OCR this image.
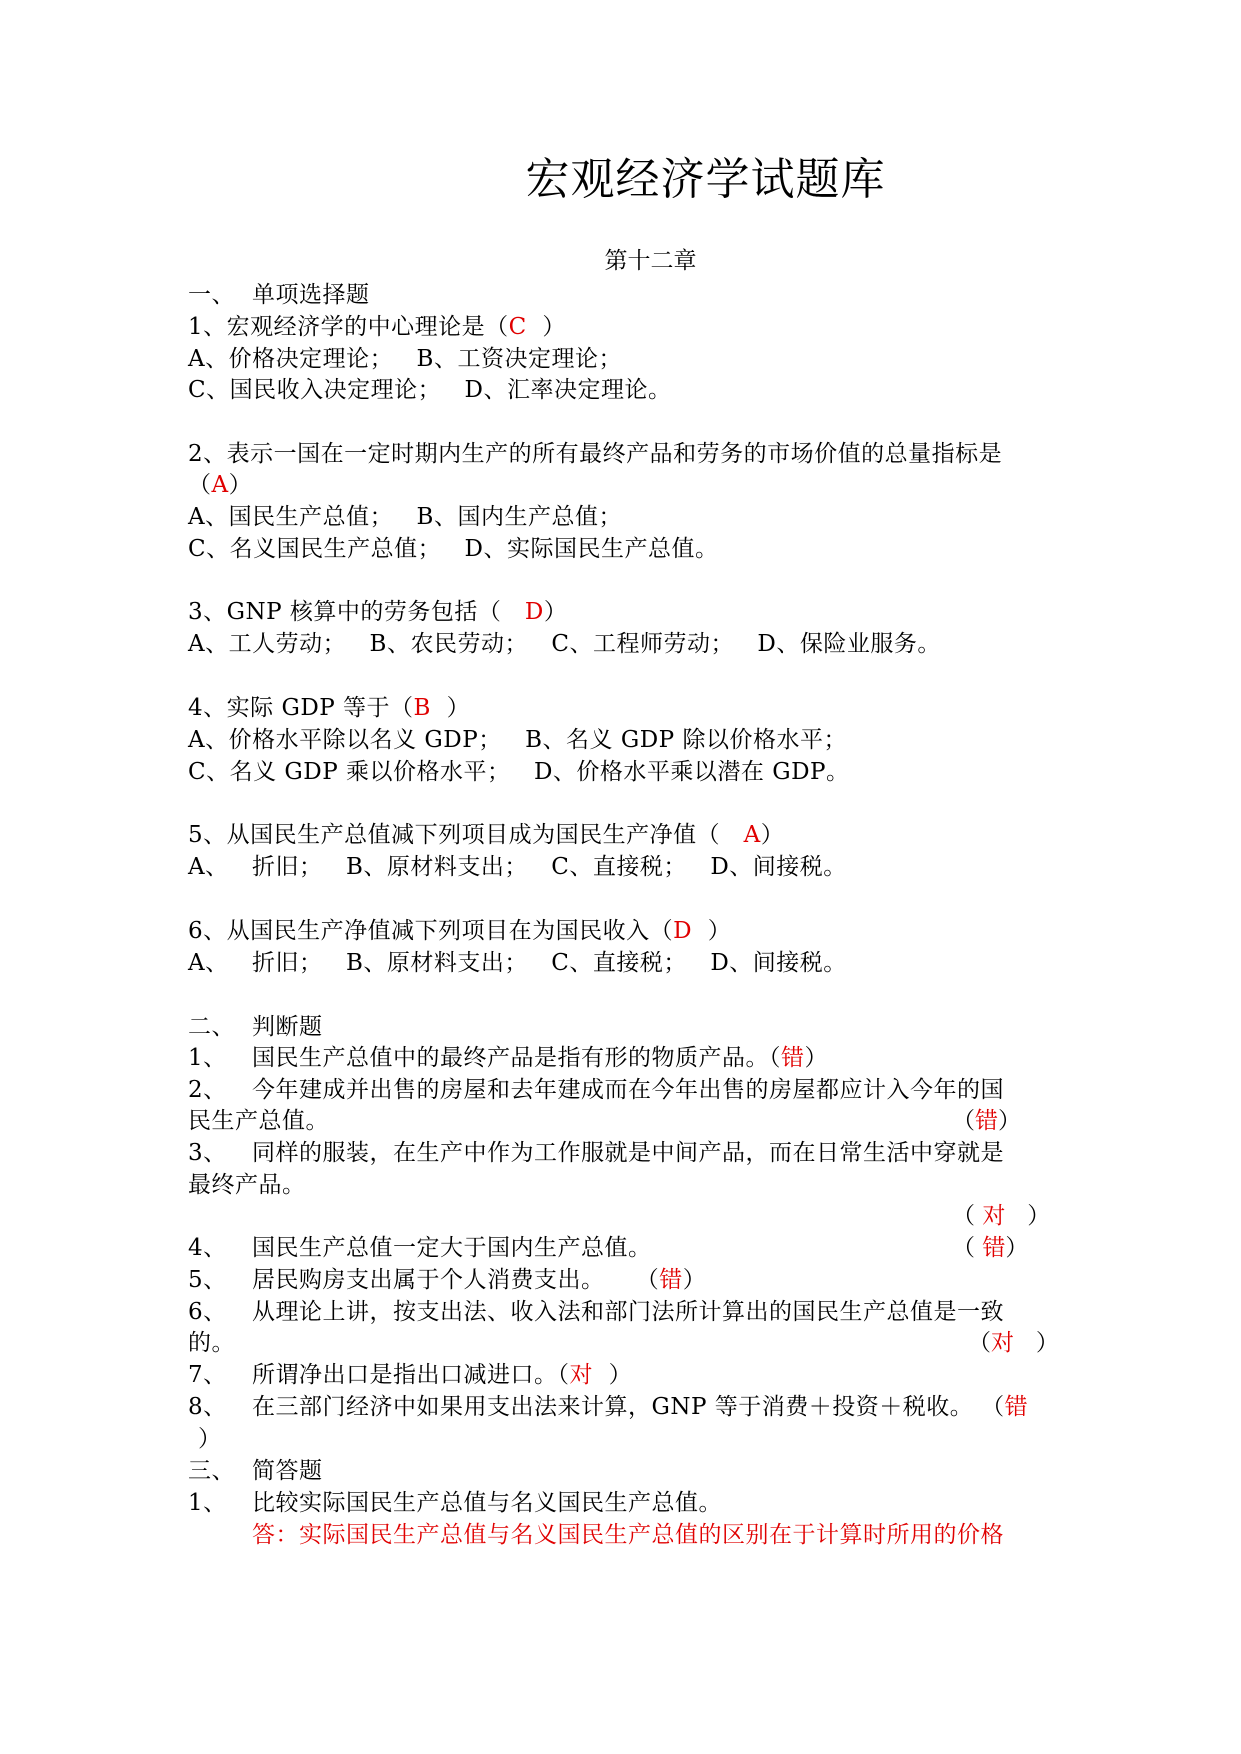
宏观经济学试题库
第十二章
一、 单项选择题
1、宏观经济学的中心理论是（C  ）
A、价格决定理论；   B、工资决定理论；
C、国民收入决定理论；   D、汇率决定理论。
2、表示一国在一定时期内生产的所有最终产品和劳务的市场价值的总量指标是
（A）
A、国民生产总值；   B、国内生产总值；
C、名义国民生产总值；   D、实际国民生产总值。
3、GNP 核算中的劳务包括（   D）
A、工人劳动；   B、农民劳动；   C、工程师劳动；   D、保险业服务。
4、实际 GDP 等于（B  ）
A、价格水平除以名义 GDP；   B、名义 GDP 除以价格水平；
C、名义 GDP 乘以价格水平；   D、价格水平乘以潜在 GDP。
5、从国民生产总值减下列项目成为国民生产净值（   A）
A、   折旧；   B、原材料支出；   C、直接税；   D、间接税。
6、从国民生产净值减下列项目在为国民收入（D  ）
A、   折旧；   B、原材料支出；   C、直接税；   D、间接税。
二、 判断题
1、 国民生产总值中的最终产品是指有形的物质产品。（错）
2、 今年建成并出售的房屋和去年建成而在今年出售的房屋都应计入今年的国
民生产总值。	（错）
3、 同样的服装，在生产中作为工作服就是中间产品，而在日常生活中穿就是
最终产品。
（ 对   ）
4、 国民生产总值一定大于国内生产总值。	（ 错）
5、 居民购房支出属于个人消费支出。    （错）
6、 从理论上讲，按支出法、收入法和部门法所计算出的国民生产总值是一致
的。	（对   ）
7、 所谓净出口是指出口减进口。（对  ）
8、 在三部门经济中如果用支出法来计算，GNP 等于消费＋投资＋税收。 （错
）
三、 简答题
1、 比较实际国民生产总值与名义国民生产总值。
答：实际国民生产总值与名义国民生产总值的区别在于计算时所用的价格
